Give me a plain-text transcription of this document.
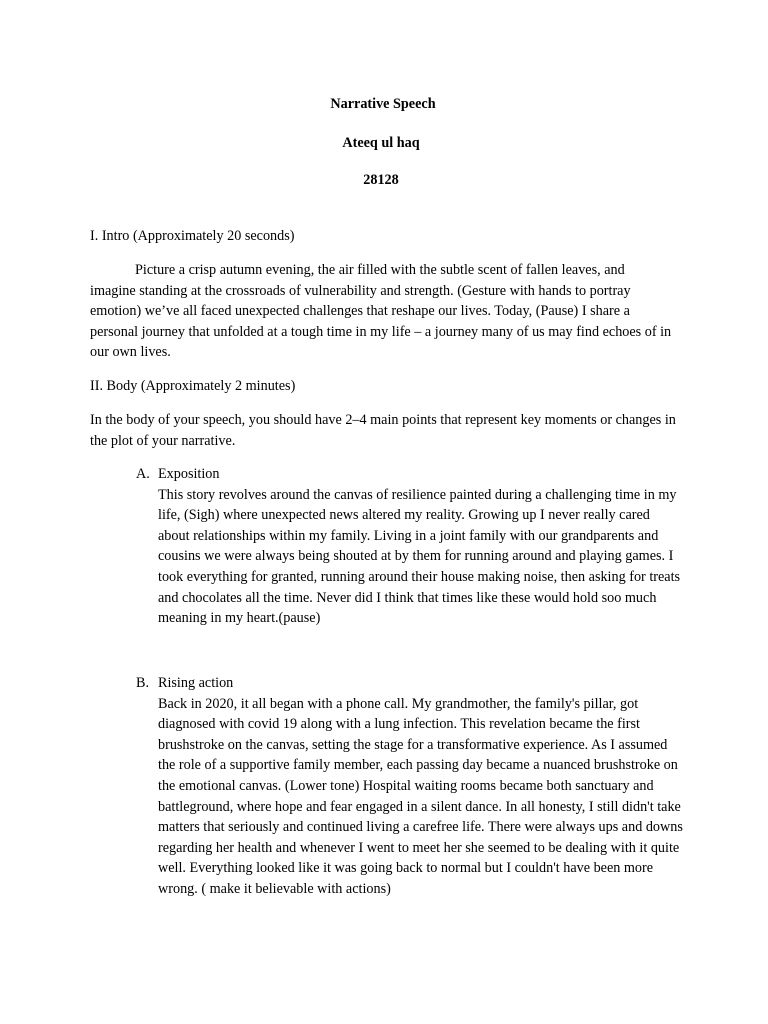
Narrative Speech
Ateeq ul haq
28128
I. Intro (Approximately 20 seconds)
Picture a crisp autumn evening, the air filled with the subtle scent of fallen leaves, and imagine standing at the crossroads of vulnerability and strength. (Gesture with hands to portray emotion) we’ve all faced unexpected challenges that reshape our lives. Today, (Pause) I share a personal journey that unfolded at a tough time in my life – a journey many of us may find echoes of in our own lives.
II. Body (Approximately 2 minutes)
In the body of your speech, you should have 2–4 main points that represent key moments or changes in the plot of your narrative.
A. Exposition
This story revolves around the canvas of resilience painted during a challenging time in my life, (Sigh) where unexpected news altered my reality. Growing up I never really cared about relationships within my family. Living in a joint family with our grandparents and cousins we were always being shouted at by them for running around and playing games. I took everything for granted, running around their house making noise, then asking for treats and chocolates all the time. Never did I think that times like these would hold soo much meaning in my heart.(pause)
B. Rising action
Back in 2020, it all began with a phone call. My grandmother, the family's pillar, got diagnosed with covid 19 along with a lung infection. This revelation became the first brushstroke on the canvas, setting the stage for a transformative experience. As I assumed the role of a supportive family member, each passing day became a nuanced brushstroke on the emotional canvas. (Lower tone) Hospital waiting rooms became both sanctuary and battleground, where hope and fear engaged in a silent dance. In all honesty, I still didn't take matters that seriously and continued living a carefree life. There were always ups and downs regarding her health and whenever I went to meet her she seemed to be dealing with it quite well. Everything looked like it was going back to normal but I couldn't have been more wrong. ( make it believable with actions)
